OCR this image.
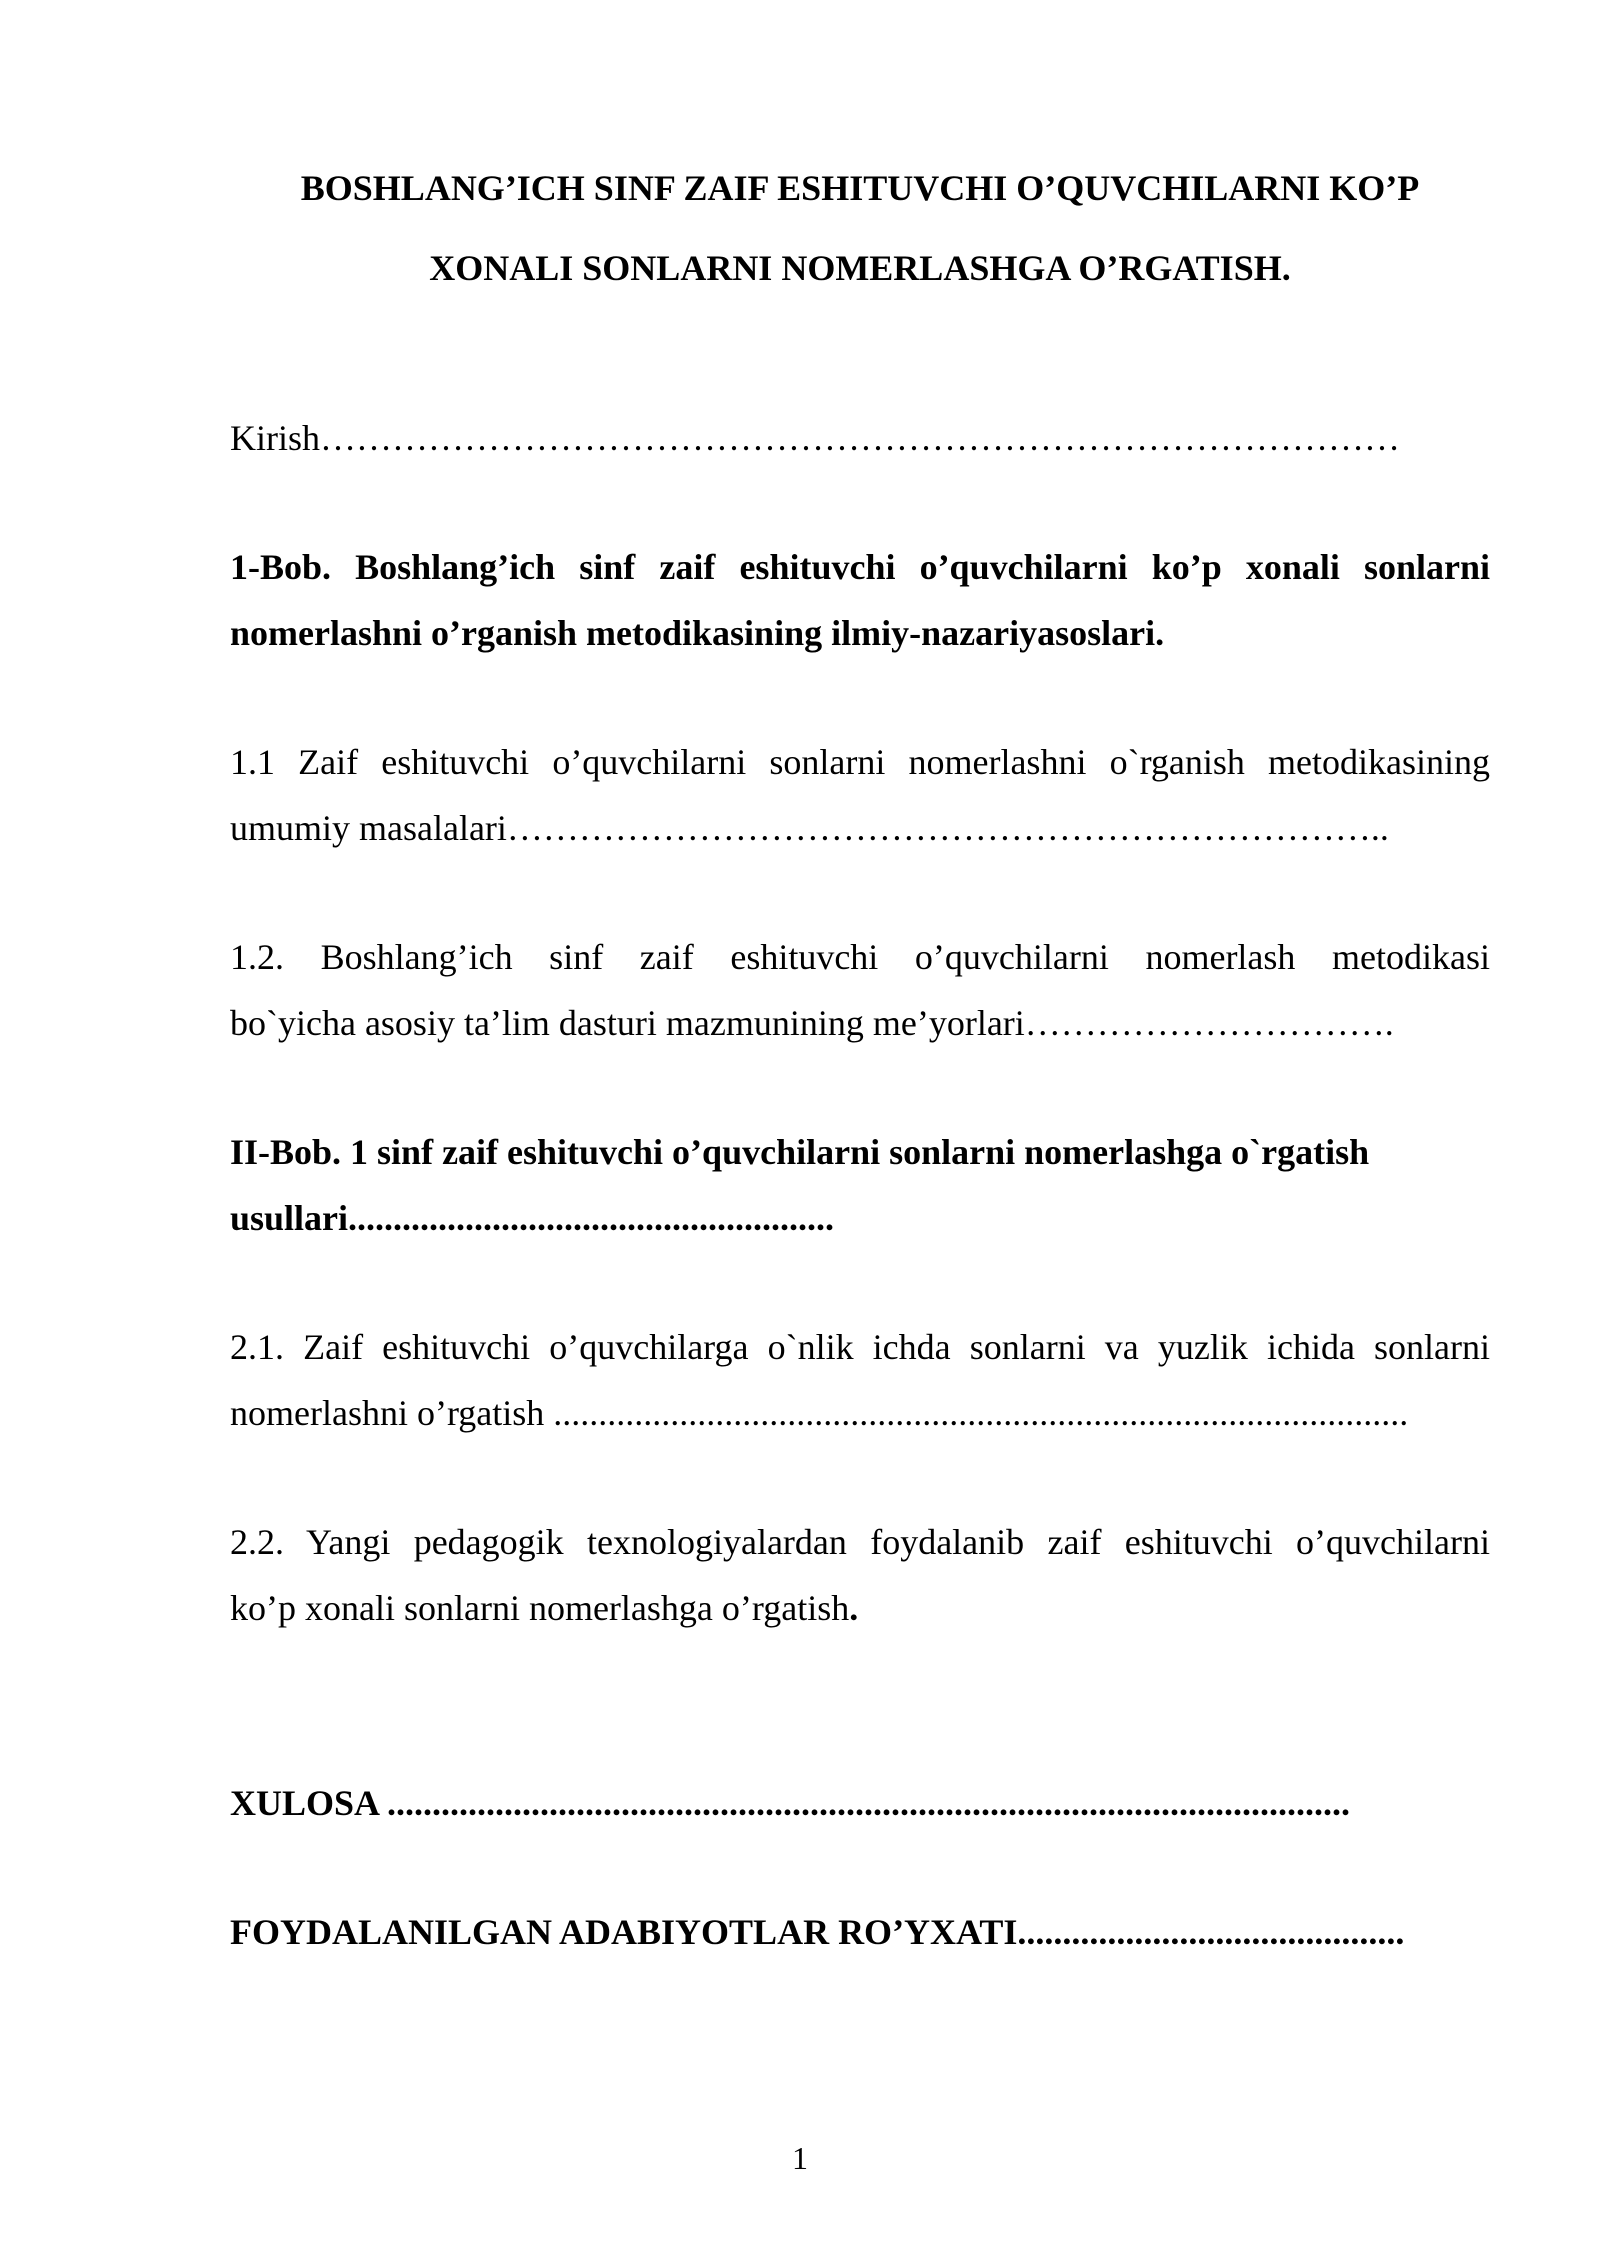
BOSHLANG’ICH SINF ZAIF ESHITUVCHI O’QUVCHILARNI KO’P
XONALI SONLARNI NOMERLASHGA O’RGATISH.
Kirish………………………………………………………………………………
1-Bob. Boshlang’ich sinf zaif eshituvchi o’quvchilarni ko’p xonali sonlarni
nomerlashni o’rganish metodikasining ilmiy-nazariyasoslari.
1.1 Zaif eshituvchi o’quvchilarni sonlarni nomerlashni o`rganish metodikasining
umumiy masalalari………………………………………………………………..
1.2. Boshlang’ich sinf zaif eshituvchi o’quvchilarni nomerlash metodikasi
bo`yicha asosiy ta’lim dasturi mazmunining me’yorlari………………………….
II-Bob. 1 sinf zaif eshituvchi o’quvchilarni sonlarni nomerlashga o`rgatish
usullari......................................................
2.1. Zaif eshituvchi o’quvchilarga o`nlik ichda sonlarni va yuzlik ichida sonlarni
nomerlashni o’rgatish ...............................................................................................
2.2. Yangi pedagogik texnologiyalardan foydalanib zaif eshituvchi o’quvchilarni
ko’p xonali sonlarni nomerlashga o’rgatish.
XULOSA ...........................................................................................................
FOYDALANILGAN ADABIYOTLAR RO’YXATI...........................................
1
